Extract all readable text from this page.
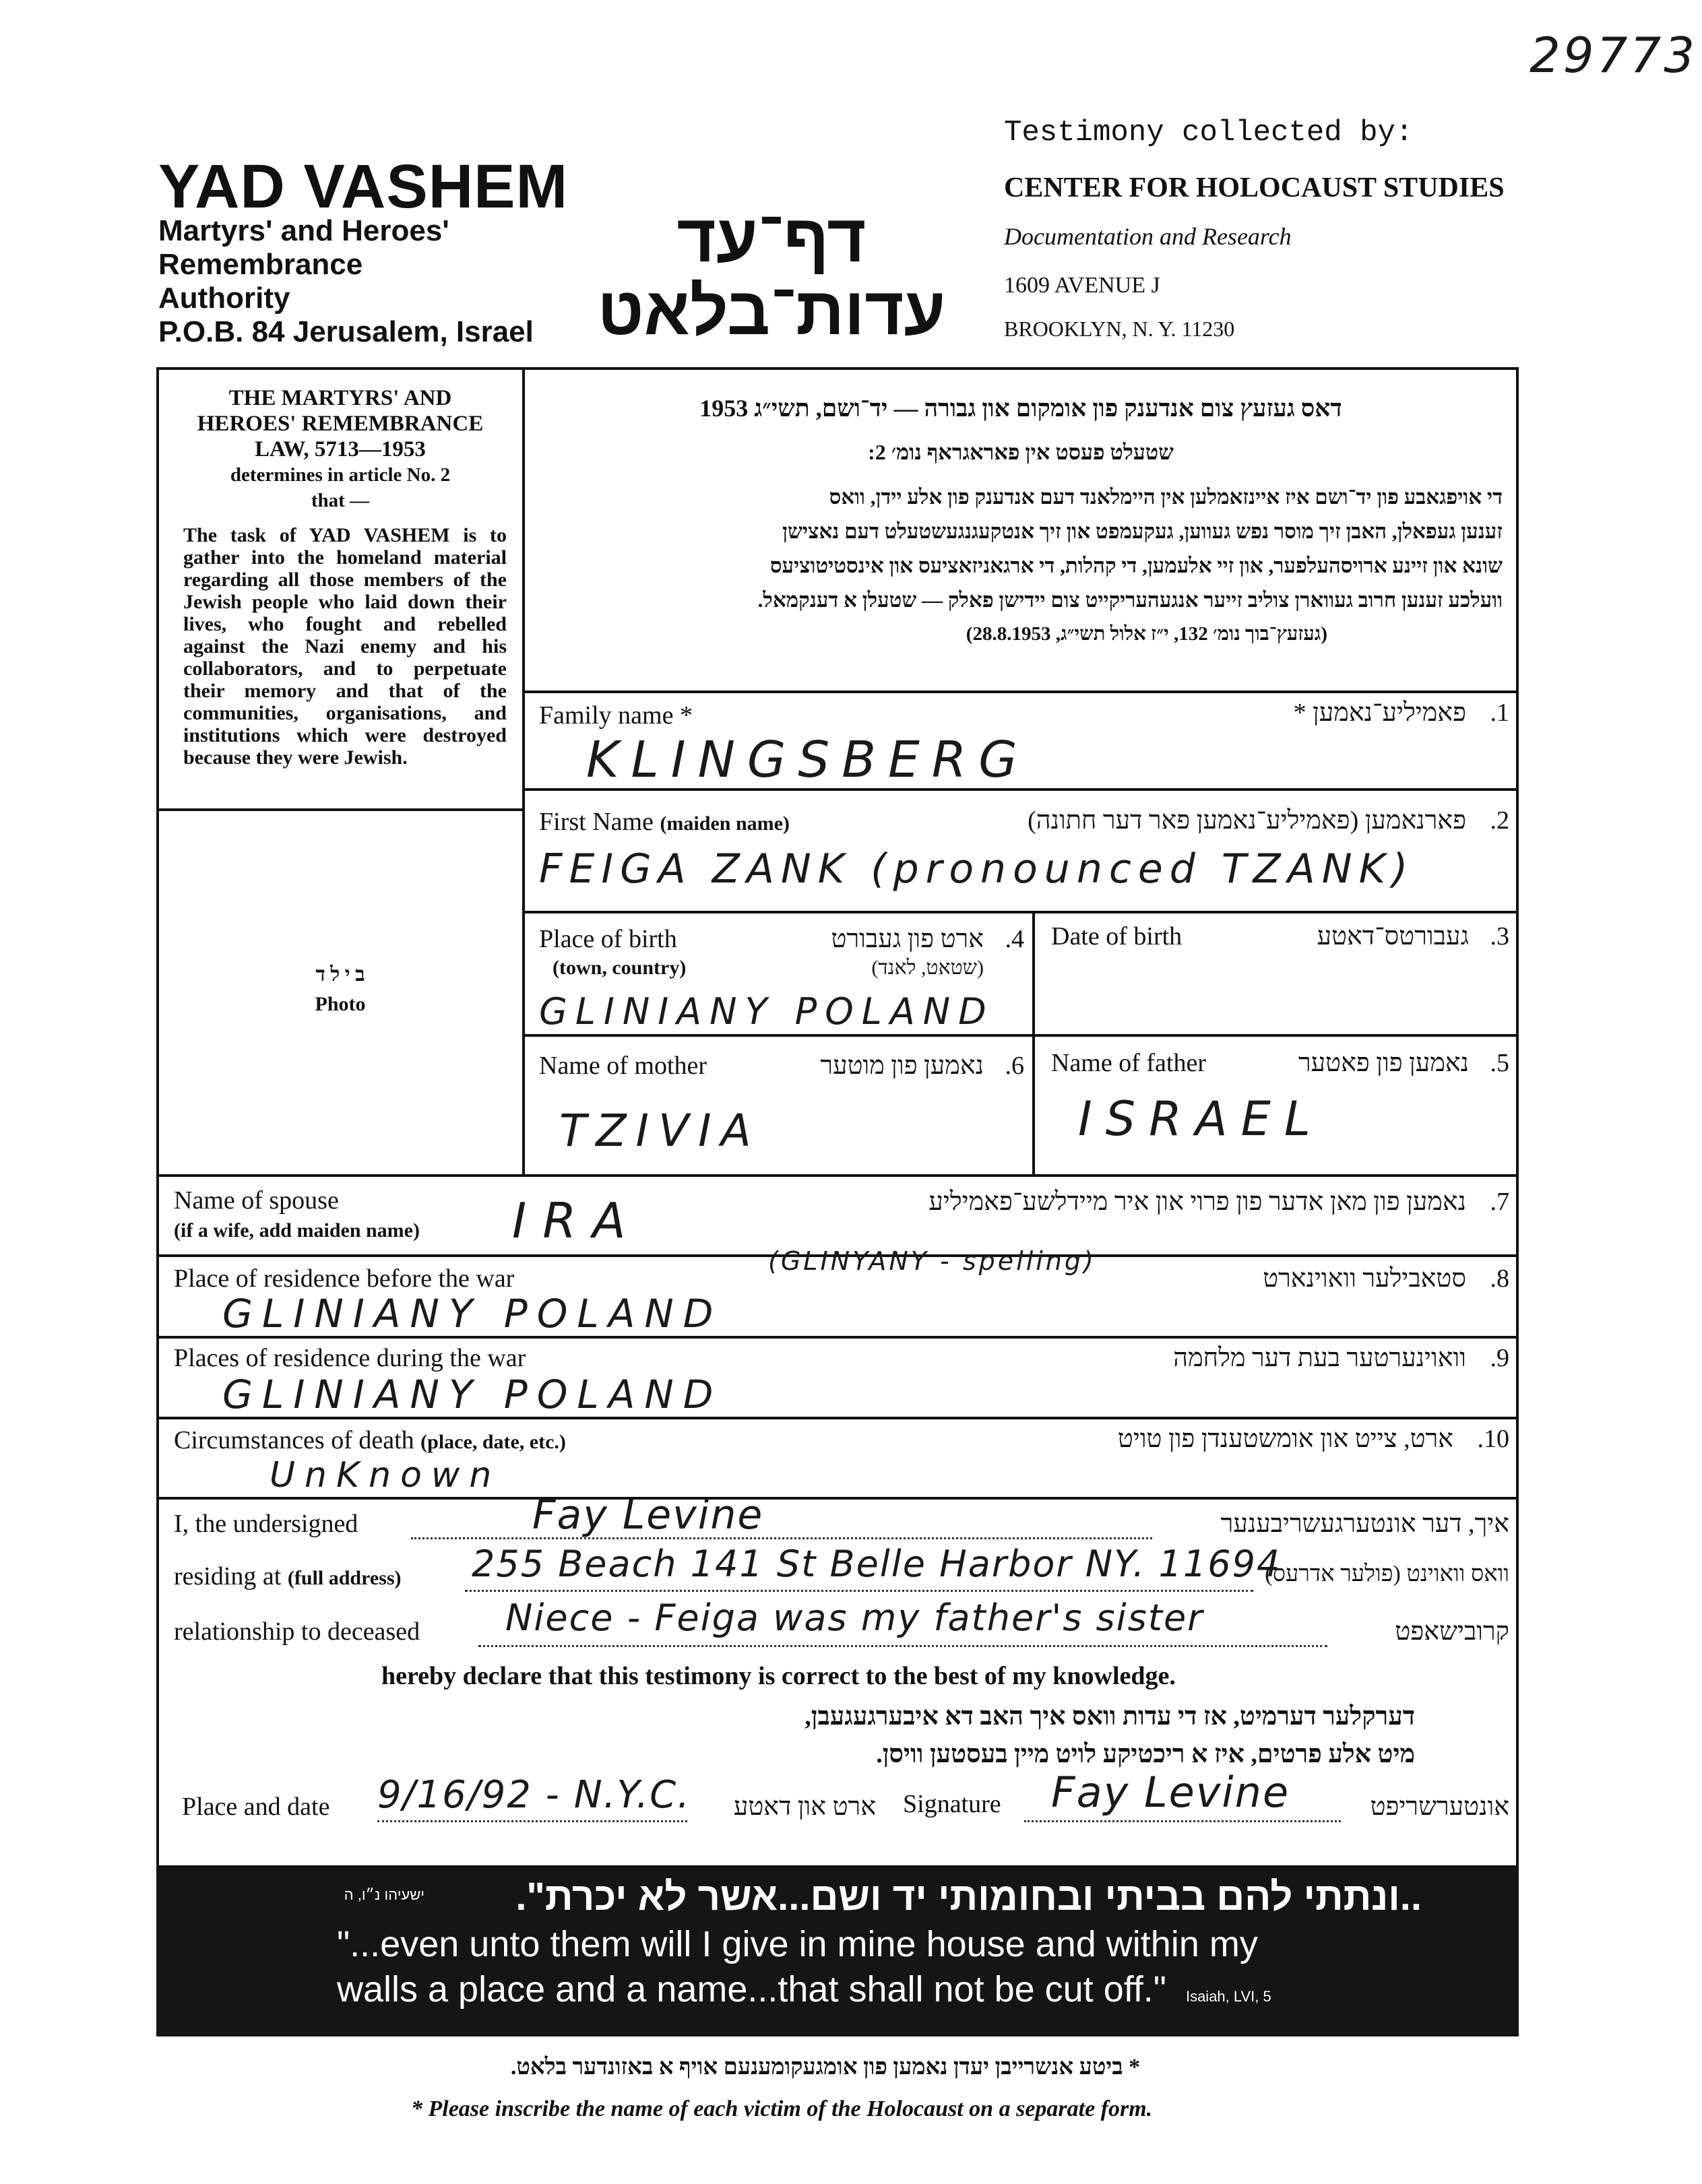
29773
YAD VASHEM
Martyrs' and Heroes'
Remembrance
Authority
P.O.B. 84 Jerusalem, Israel
דף־עד
עדות־בלאט
Testimony collected by:
CENTER FOR HOLOCAUST STUDIES
Documentation and Research
1609 AVENUE J
BROOKLYN, N. Y. 11230
THE MARTYRS' AND
HEROES' REMEMBRANCE
LAW, 5713—1953
determines in article No. 2
that —
The task of YAD VASHEM is to gather into the homeland material regarding all those members of the Jewish people who laid down their lives, who fought and rebelled against the Nazi enemy and his collaborators, and to perpetuate their memory and that of the communities, organisations, and institutions which were destroyed because they were Jewish.
ב י ל ד
Photo
דאס געזעץ צום אנדענק פון אומקום און גבורה — יד־ושם, תשי״ג 1953
שטעלט פעסט אין פאראגראף נומ׳ 2:
די אויפגאבע פון יד־ושם איז איינזאמלען אין היימלאנד דעם אנדענק פון אלע יידן, וואס
זענען געפאלן, האבן זיך מוסר נפש געווען, געקעמפט און זיך אנטקעגנגעשטעלט דעם נאצישן
שונא און זיינע ארויסהעלפער, און זיי אלעמען, די קהלות, די ארגאניזאציעס און אינסטיטוציעס
וועלכע זענען חרוב געווארן צוליב זייער אנגעהעריקייט צום יידישן פאלק — שטעלן א דענקמאל.
(געזעץ־בוך נומ׳ 132, י״ז אלול תשי״ג, 28.8.1953)
Family name *	1. פאמיליע־נאמען *
KLINGSBERG
First Name (maiden name)	2. פארנאמען (פאמיליע־נאמען פאר דער חתונה)
FEIGA ZANK (pronounced TZANK)
Place of birth
(town, country)
4. ארט פון געבורט
(שטאט, לאנד)
GLINIANY POLAND
Date of birth	3. געבורטס־דאטע
Name of mother	6. נאמען פון מוטער
TZIVIA
Name of father	5. נאמען פון פאטער
ISRAEL
Name of spouse
(if a wife, add maiden name) IRA	7. נאמען פון מאן אדער פון פרוי און איר מיידלשע־פאמיליע
Place of residence before the war
(GLINYANY - spelling)
8. סטאבילער וואוינארט
GLINIANY POLAND
Places of residence during the war	9. וואוינערטער בעת דער מלחמה
GLINIANY POLAND
Circumstances of death (place, date, etc.)	10. ארט, צייט און אומשטענדן פון טויט
UnKnown
I, the undersigned	Fay Levine	איך, דער אונטערגעשריבענער
residing at (full address) 255 Beach 141 St Belle Harbor NY. 11694
וואס וואוינט (פולער אדרעס)
relationship to deceased Niece - Feiga was my father's sister	קרובישאפט
hereby declare that this testimony is correct to the best of my knowledge.
דערקלער דערמיט, אז די עדות וואס איך האב דא איבערגעגעבן,
מיט אלע פרטים, איז א ריכטיקע לויט מיין בעסטען וויסן.
Place and date 9/16/92 - N.Y.C.	ארט און דאטע Signature Fay Levine	אונטערשריפט
..ונתתי להם בביתי ובחומותי יד ושם...אשר לא יכרת".
ישעיהו נ״ו, ה
"...even unto them will I give in mine house and within my
walls a place and a name...that shall not be cut off." Isaiah, LVI, 5
* ביטע אנשרייבן יעדן נאמען פון אומגעקומענעם אויף א באזונדער בלאט.
* Please inscribe the name of each victim of the Holocaust on a separate form.
